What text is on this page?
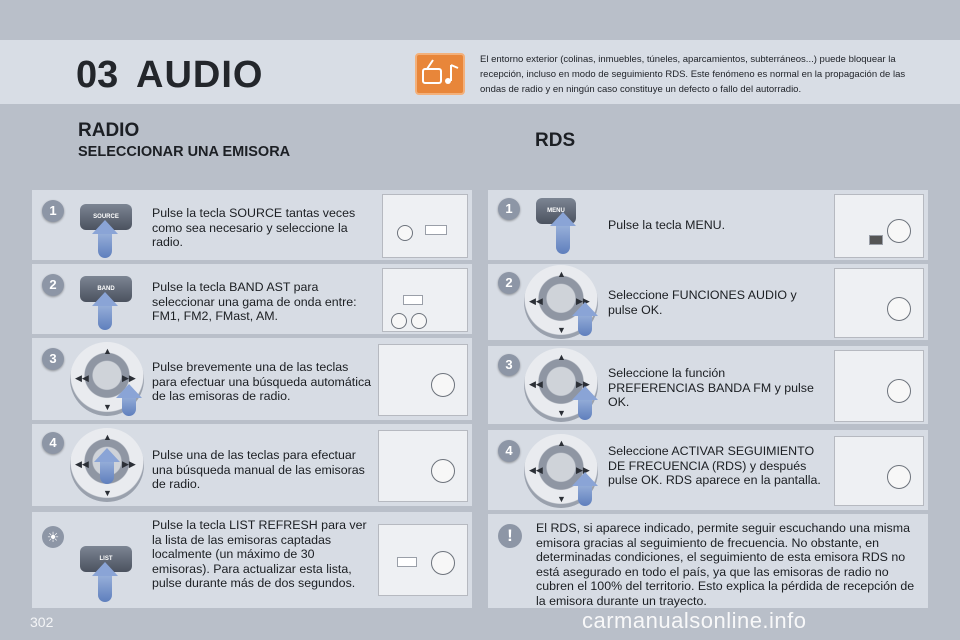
03 AUDIO	El entorno exterior (colinas, inmuebles, túneles, aparcamientos, subterráneos...) puede bloquear la recepción, incluso en modo de seguimiento RDS. Este fenómeno es normal en la propagación de las ondas de radio y en ningún caso constituye un defecto o fallo del autorradio.
RADIO
SELECCIONAR UNA EMISORA
RDS
1	SOURCE	Pulse la tecla SOURCE tantas veces como sea necesario y seleccione la radio.
2	BAND	Pulse la tecla BAND AST para seleccionar una gama de onda entre: FM1, FM2, FMast, AM.
3	▲
▼
◀◀	▶▶
Pulse brevemente una de las teclas para efectuar una búsqueda automática de las emisoras de radio.
4	▲
▼
◀◀	▶▶
Pulse una de las teclas para efectuar una búsqueda manual de las emisoras de radio.
☀
LIST
Pulse la tecla LIST REFRESH para ver la lista de las emisoras captadas localmente (un máximo de 30 emisoras). Para actualizar esta lista, pulse durante más de dos segundos.
1	MENU
Pulse la tecla MENU.
2
▲
▼
◀◀	▶▶ Seleccione FUNCIONES AUDIO y pulse OK.
3	▲
▼
◀◀	▶▶
Seleccione la función PREFERENCIAS BANDA FM y pulse OK.
4	▲
▼
◀◀	▶▶
Seleccione ACTIVAR SEGUIMIENTO DE FRECUENCIA (RDS) y después pulse OK. RDS aparece en la pantalla.
!	El RDS, si aparece indicado, permite seguir escuchando una misma emisora gracias al seguimiento de frecuencia. No obstante, en determinadas condiciones, el seguimiento de esta emisora RDS no está asegurado en todo el país, ya que las emisoras de radio no cubren el 100% del territorio. Esto explica la pérdida de recepción de la emisora durante un trayecto.
302	carmanualsonline.info
